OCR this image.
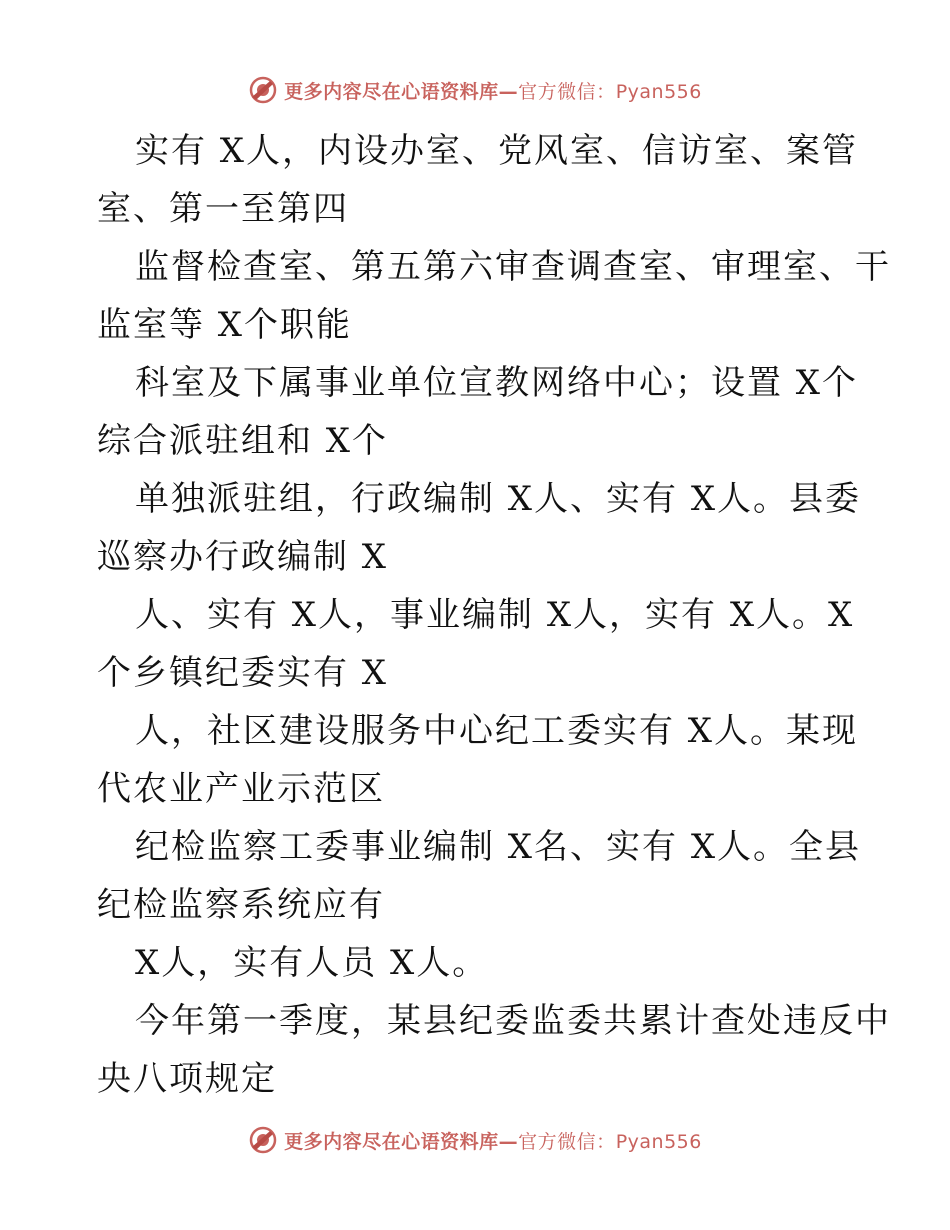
更多内容尽在心语资料库—官方微信：Pyan556
实有 X人，内设办室、党风室、信访室、案管
室、第一至第四
监督检查室、第五第六审查调查室、审理室、干
监室等 X个职能
科室及下属事业单位宣教网络中心；设置 X个
综合派驻组和 X个
单独派驻组，行政编制 X人、实有 X人。县委
巡察办行政编制 X
人、实有 X人，事业编制 X人，实有 X人。X
个乡镇纪委实有 X
人，社区建设服务中心纪工委实有 X人。某现
代农业产业示范区
纪检监察工委事业编制 X名、实有 X人。全县
纪检监察系统应有
X人，实有人员 X人。
今年第一季度，某县纪委监委共累计查处违反中
央八项规定
更多内容尽在心语资料库—官方微信：Pyan556
